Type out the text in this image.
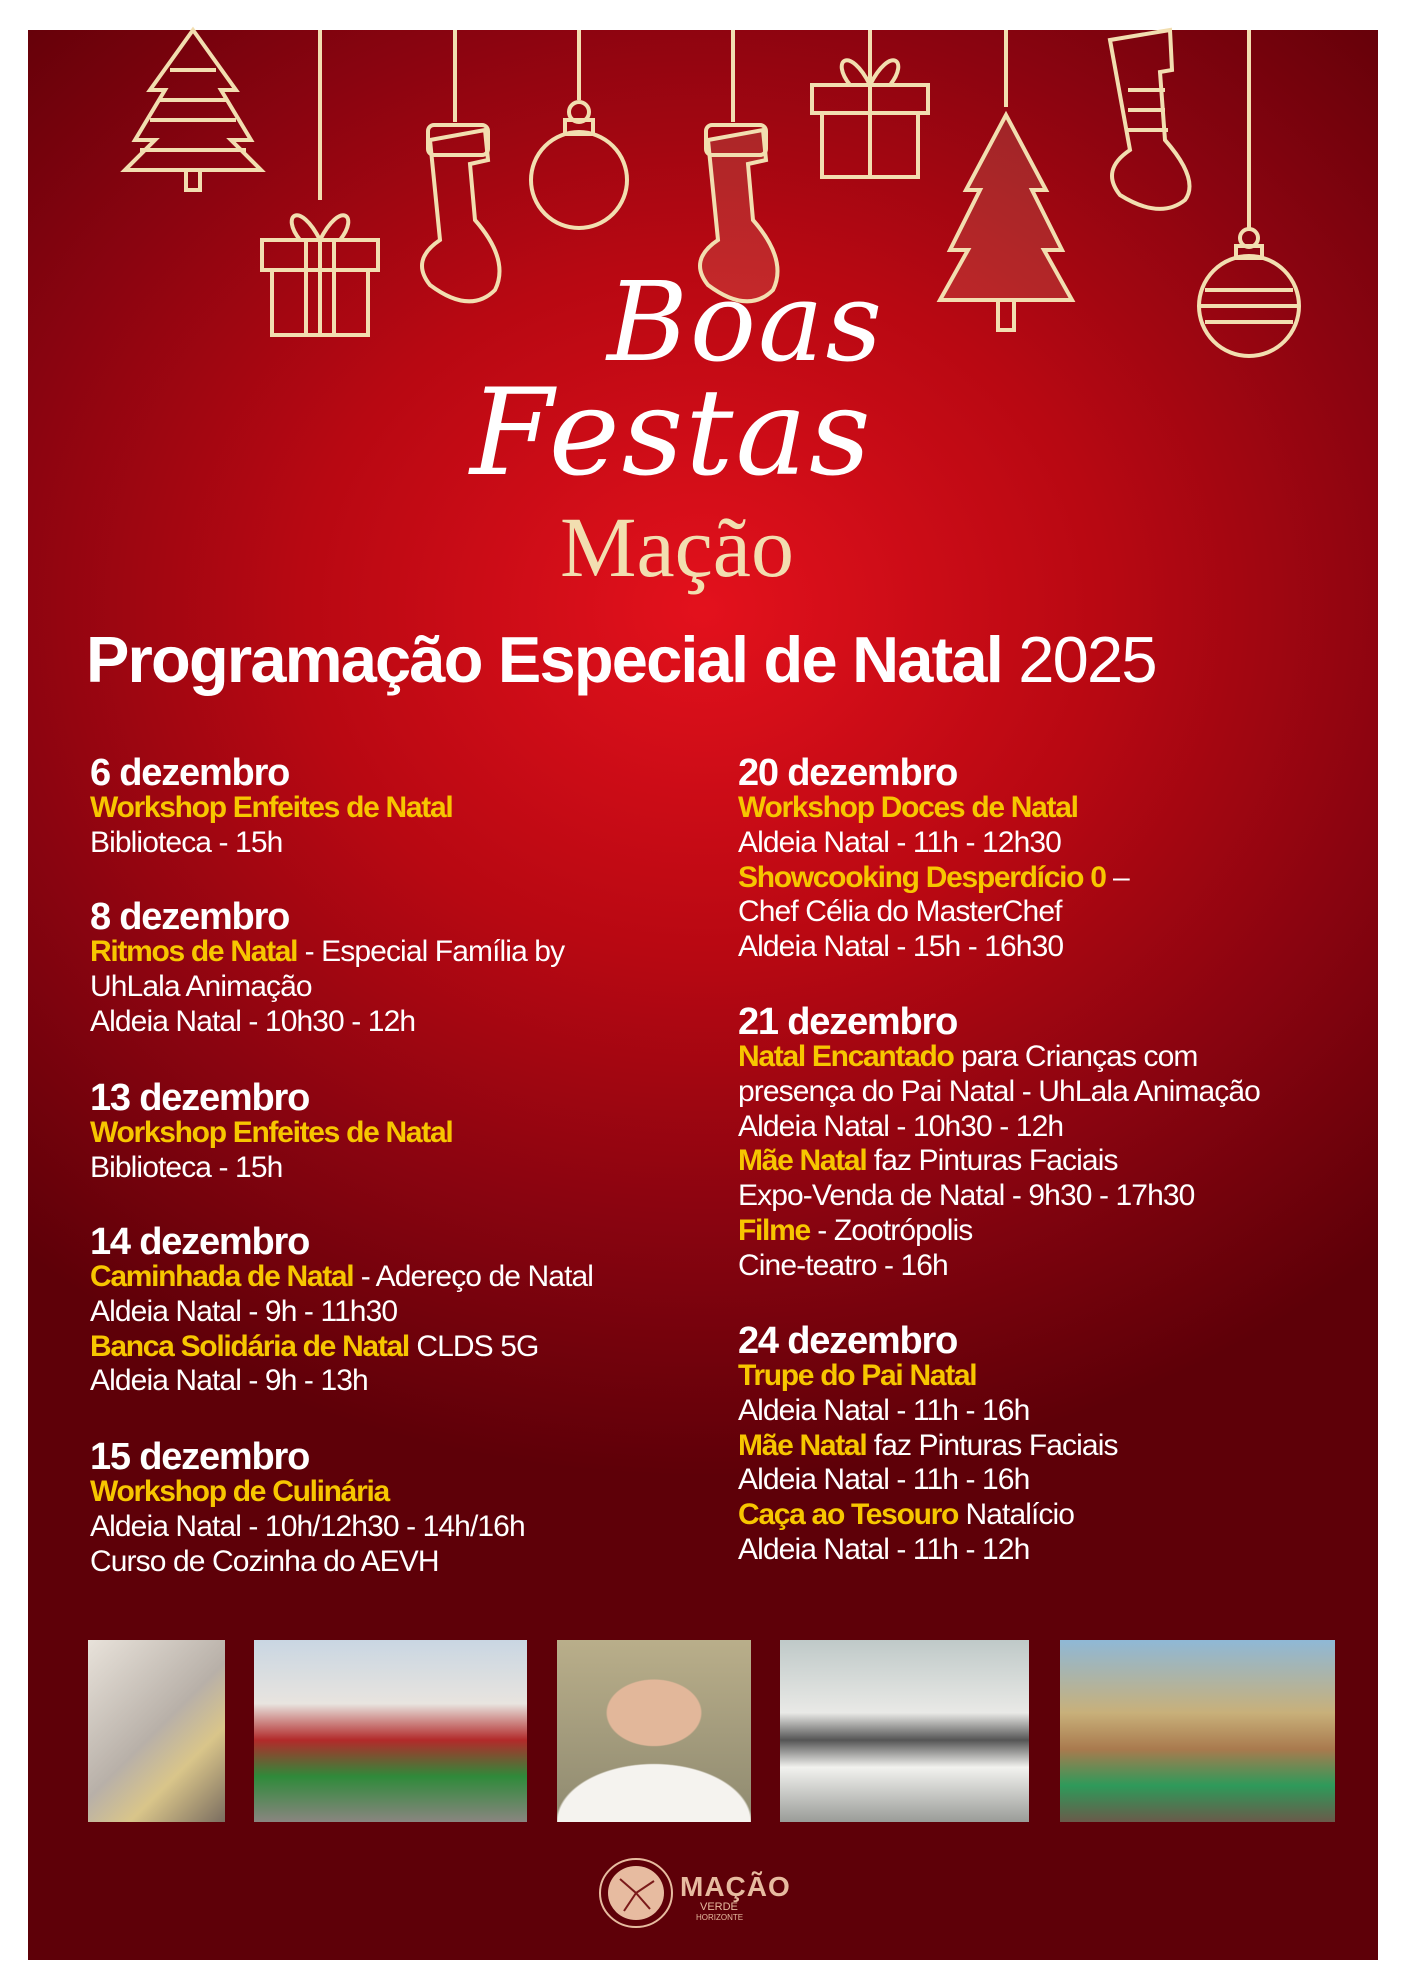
Boas
Festas
Mação
Programação Especial de Natal 2025
6 dezembro
Workshop Enfeites de Natal
Biblioteca - 15h
8 dezembro
Ritmos de Natal - Especial Família by
UhLala Animação
Aldeia Natal - 10h30 - 12h
13 dezembro
Workshop Enfeites de Natal
Biblioteca - 15h
14 dezembro
Caminhada de Natal - Adereço de Natal
Aldeia Natal - 9h - 11h30
Banca Solidária de Natal CLDS 5G
Aldeia Natal - 9h - 13h
15 dezembro
Workshop de Culinária
Aldeia Natal - 10h/12h30 - 14h/16h
Curso de Cozinha do AEVH
20 dezembro
Workshop Doces de Natal
Aldeia Natal - 11h - 12h30
Showcooking Desperdício 0 –
Chef Célia do MasterChef
Aldeia Natal - 15h - 16h30
21 dezembro
Natal Encantado para Crianças com
presença do Pai Natal - UhLala Animação
Aldeia Natal - 10h30 - 12h
Mãe Natal faz Pinturas Faciais
Expo-Venda de Natal - 9h30 - 17h30
Filme - Zootrópolis
Cine-teatro - 16h
24 dezembro
Trupe do Pai Natal
Aldeia Natal - 11h - 16h
Mãe Natal faz Pinturas Faciais
Aldeia Natal - 11h - 16h
Caça ao Tesouro Natalício
Aldeia Natal - 11h - 12h
MAÇÃO
VERDE
HORIZONTE
